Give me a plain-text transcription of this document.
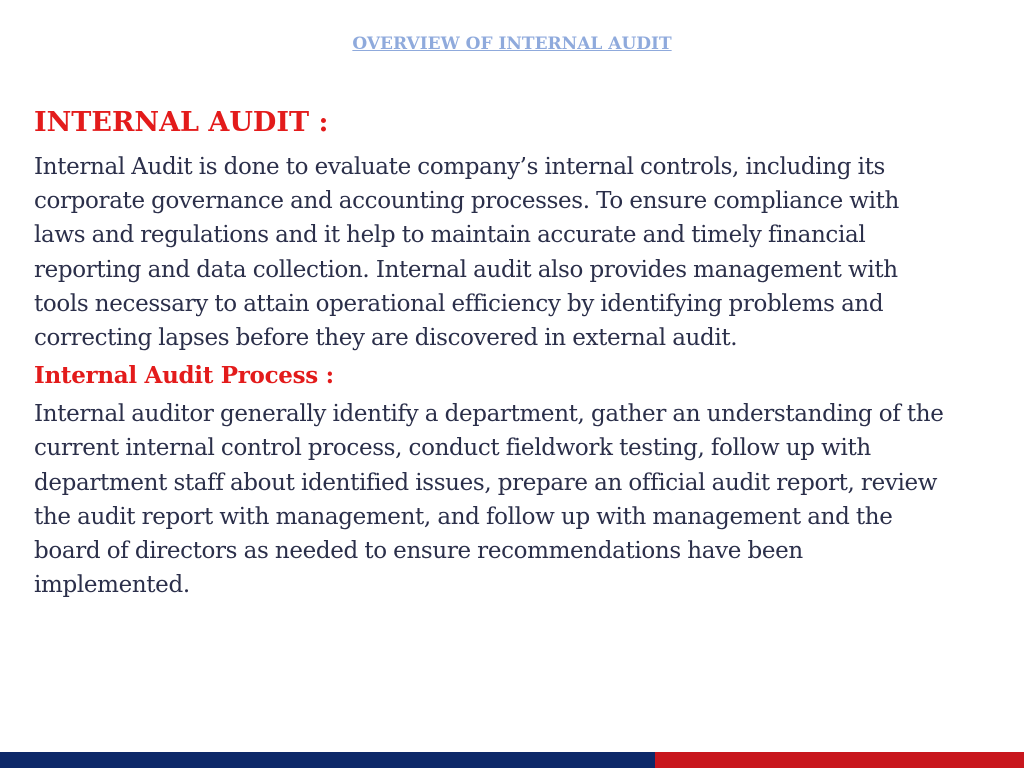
OVERVIEW OF INTERNAL AUDIT
INTERNAL AUDIT :

Internal Audit is done to evaluate company’s internal controls, including its corporate governance and accounting processes. To ensure compliance with laws and regulations and it help to maintain accurate and timely financial reporting and data collection. Internal audit also provides management with tools necessary to attain operational efficiency by identifying problems and correcting lapses before they are discovered in external audit.

Internal Audit Process :

Internal auditor generally identify a department, gather an understanding of the current internal control process, conduct fieldwork testing, follow up with department staff about identified issues, prepare an official audit report, review the audit report with management, and follow up with management and the board of directors as needed to ensure recommendations have been implemented.
